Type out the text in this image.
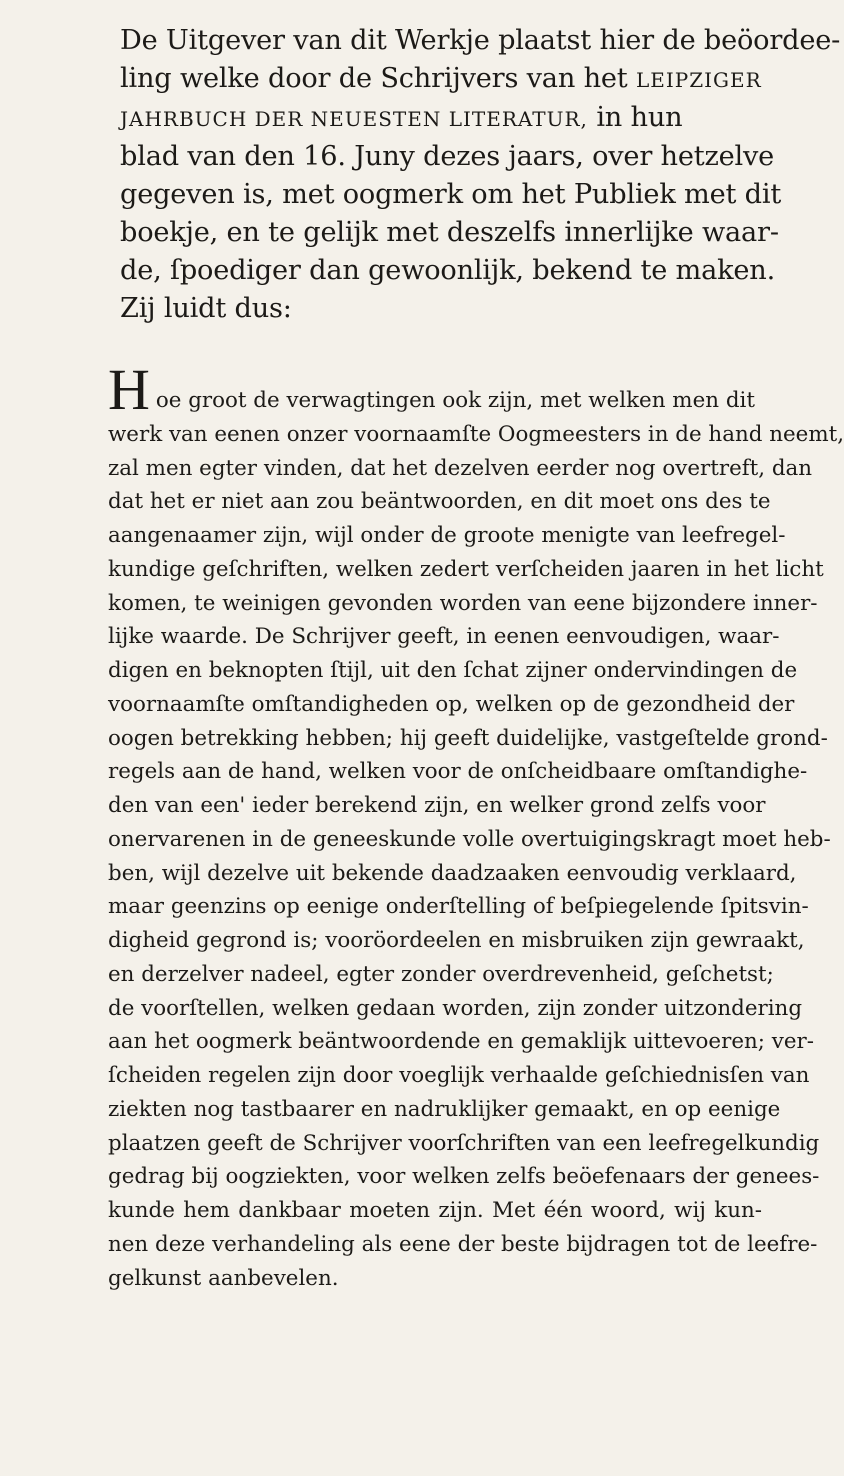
De Uitgever van dit Werkje plaatst hier de beöordee-
ling welke door de Schrijvers van het LEIPZIGER
JAHRBUCH DER NEUESTEN LITERATUR, in hun
blad van den 16. Juny dezes jaars, over hetzelve
gegeven is, met oogmerk om het Publiek met dit
boekje, en te gelijk met deszelfs innerlijke waar-
de, ſpoediger dan gewoonlijk, bekend te maken.
Zij luidt dus:
Hoe groot de verwagtingen ook zijn, met welken men dit
werk van eenen onzer voornaamſte Oogmeesters in de hand neemt,
zal men egter vinden, dat het dezelven eerder nog overtreft, dan
dat het er niet aan zou beäntwoorden, en dit moet ons des te
aangenaamer zijn, wijl onder de groote menigte van leefregel-
kundige geſchriften, welken zedert verſcheiden jaaren in het licht
komen, te weinigen gevonden worden van eene bijzondere inner-
lijke waarde. De Schrijver geeft, in eenen eenvoudigen, waar-
digen en beknopten ſtijl, uit den ſchat zijner ondervindingen de
voornaamſte omſtandigheden op, welken op de gezondheid der
oogen betrekking hebben; hij geeft duidelijke, vastgeſtelde grond-
regels aan de hand, welken voor de onſcheidbaare omſtandighe-
den van een' ieder berekend zijn, en welker grond zelfs voor
onervarenen in de geneeskunde volle overtuigingskragt moet heb-
ben, wijl dezelve uit bekende daadzaaken eenvoudig verklaard,
maar geenzins op eenige onderſtelling of beſpiegelende ſpitsvin-
digheid gegrond is; vooröordeelen en misbruiken zijn gewraakt,
en derzelver nadeel, egter zonder overdrevenheid, geſchetst;
de voorſtellen, welken gedaan worden, zijn zonder uitzondering
aan het oogmerk beäntwoordende en gemaklijk uittevoeren; ver-
ſcheiden regelen zijn door voeglijk verhaalde geſchiednisſen van
ziekten nog tastbaarer en nadruklijker gemaakt, en op eenige
plaatzen geeft de Schrijver voorſchriften van een leefregelkundig
gedrag bij oogziekten, voor welken zelfs beöefenaars der genees-
kunde hem dankbaar moeten zijn. Met één woord, wij kun-
nen deze verhandeling als eene der beste bijdragen tot de leefre-
gelkunst aanbevelen.
